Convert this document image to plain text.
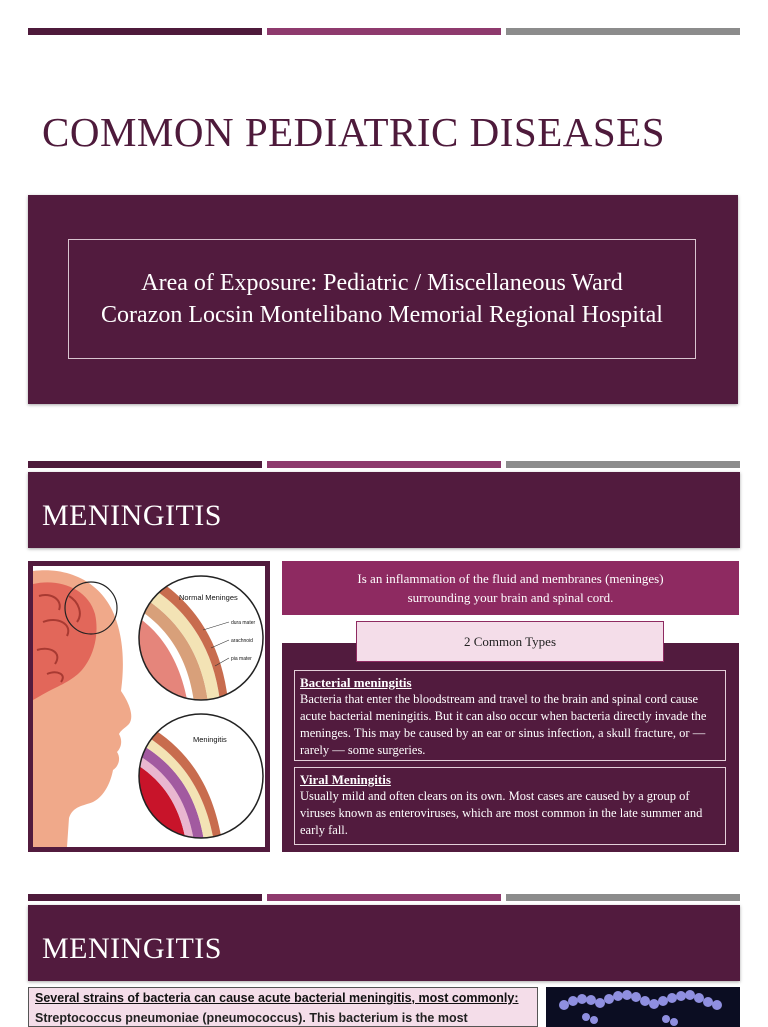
COMMON PEDIATRIC DISEASES
Area of Exposure: Pediatric / Miscellaneous Ward
Corazon Locsin Montelibano Memorial Regional Hospital
MENINGITIS
Normal Meninges
dura mater
arachnoid
pia mater
Meningitis
Is an inflammation of the fluid and membranes (meninges)
surrounding your brain and spinal cord.
2 Common Types
Bacterial meningitis
Bacteria that enter the bloodstream and travel to the brain and spinal cord cause acute bacterial meningitis. But it can also occur when bacteria directly invade the meninges. This may be caused by an ear or sinus infection, a skull fracture, or — rarely — some surgeries.
Viral Meningitis
Usually mild and often clears on its own. Most cases are caused by a group of viruses known as enteroviruses, which are most common in the late summer and early fall.
MENINGITIS
Several strains of bacteria can cause acute bacterial meningitis, most commonly:
Streptococcus pneumoniae (pneumococcus). This bacterium is the most
